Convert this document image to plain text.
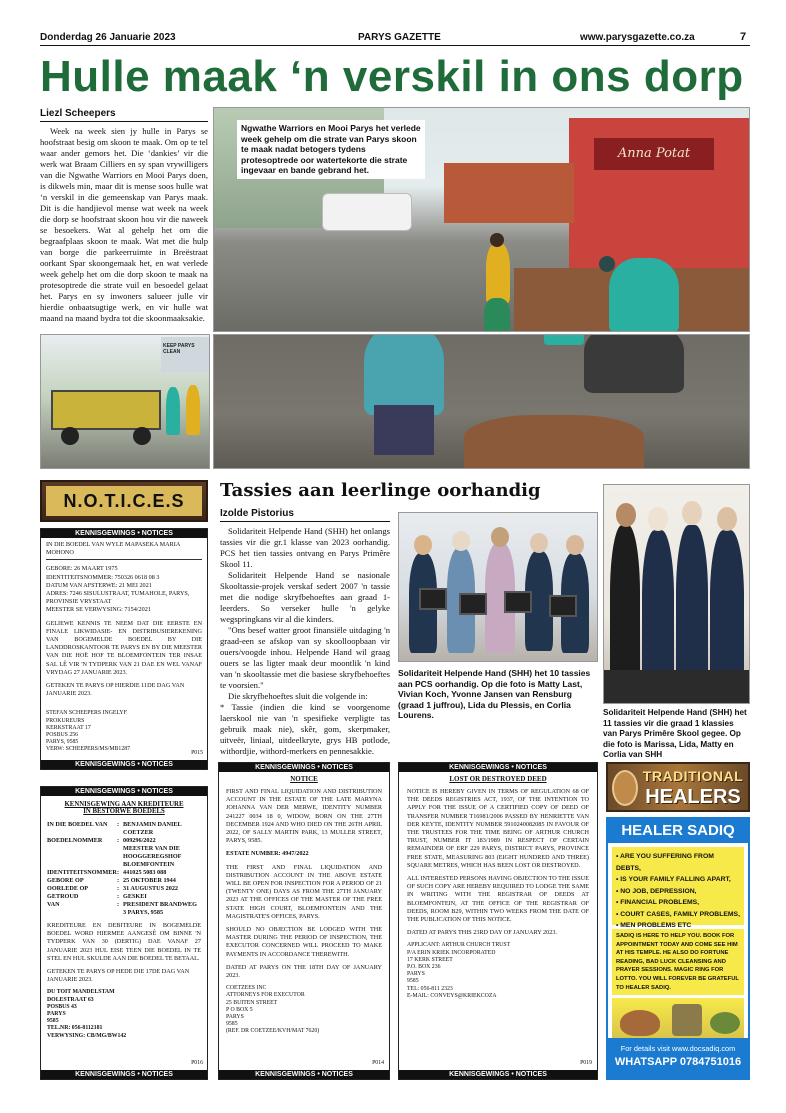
Donderdag 26 Januarie 2023	PARYS GAZETTE	www.parysgazette.co.za	7
Hulle maak ‘n verskil in ons dorp
Liezl Scheepers
Week na week sien jy hulle in Parys se hoofstraat besig om skoon te maak. Om op te tel waar ander gemors het. Die ‘dankies’ vir die werk wat Braam Cilliers en sy span vrywilligers van die Ngwathe Warriors en Mooi Parys doen, is dikwels min, maar dit is mense soos hulle wat ‘n verskil in die gemeenskap van Parys maak. Dit is die handjievol mense wat week na week die dorp se hoofstraat skoon hou vir die naweek se besoekers. Wat al gehelp het om die begraafplaas skoon te maak. Wat met die hulp van borge die parkeerruimte in Breëstraat oorkant Spar skoongemaak het, en wat verlede week gehelp het om die dorp skoon te maak na protesoptrede die strate vuil en besoedel gelaat het. Parys en sy inwoners salueer julle vir hierdie onbaatsugtige werk, en vir hulle wat maand na maand bydra tot die skoonmaaksakie.
Anna Potat
Ngwathe Warriors en Mooi Parys het verlede week gehelp om die strate van Parys skoon te maak nadat betogers tydens protesoptrede oor watertekorte die strate ingevaar en bande gebrand het.
KEEP PARYS CLEAN
N.O.T.I.C.E.S
KENNISGEWINGS • NOTICES

IN DIE BOEDEL VAN WYLE MAPASEKA MARIA MOHONO

GEBORE: 26 MAART 1975
IDENTITEITSNOMMER: 750326 0618 08 3
DATUM VAN AFSTERWE: 21 MEI 2021
ADRES: 7246 SISULUSTRAAT, TUMAHOLE, PARYS, PROVINSIE VRYSTAAT
MEESTER SE VERWYSING: 7154/2021

GELIEWE KENNIS TE NEEM DAT DIE EERSTE EN FINALE LIKWIDASIE- EN DISTRIBUSIEREKENING VAN BOGEMELDE BOEDEL BY DIE LANDDROSKANTOOR TE PARYS EN BY DIE MEESTER VAN DIE HOË HOF TE BLOEMFONTEIN TER INSAE SAL LÊ VIR 'N TYDPERK VAN 21 DAE EN WEL VANAF VRYDAG 27 JANUARIE 2023.

GETEKEN TE PARYS OP HIERDIE 11DE DAG VAN JANUARIE 2023.

STEFAN SCHEEPERS INGELYF
PROKUREURS
KERKSTRAAT 17
POSBUS 256
PARYS, 9585
VERW: SCHEEPERS/MS/MB1287

P015
KENNISGEWINGS • NOTICES
KENNISGEWINGS • NOTICES
KENNISGEWING AAN KREDITEURE IN BESTORWE BOEDELS
IN DIE BOEDEL VAN	: BENJAMIN DANIEL COETZER
BOEDELNOMMER	: 009296/2022
MEESTER VAN DIE HOOGGEREGSHOF BLOEMFONTEIN
IDENTITEITSNOMMER : 441025 5083 088
GEBORE OP	: 25 OKTOBER 1944
OORLEDE OP	: 31 AUGUSTUS 2022
GETROUD	: GESKEI
VAN	: PRESIDENT BRANDWEG 3 PARYS, 9585

KREDITEURE EN DEBITEURE IN BOGEMELDE BOEDEL WORD HIERMEE AANGESÊ OM BINNE 'N TYDPERK VAN 30 (DERTIG) DAE VANAF 27 JANUARIE 2023 HUL EISE TEEN DIE BOEDEL IN TE STEL EN HUL SKULDE AAN DIE BOEDEL TE BETAAL.

GETEKEN TE PARYS OP HEDE DIE 17DE DAG VAN JANUARIE 2023.

DU TOIT MANDELSTAM
DOLESTRAAT 63
POSBUS 43
PARYS
9585
TEL.NR: 056-8112181
VERWYSING: CB/MG/BW142

P016
KENNISGEWINGS • NOTICES
Tassies aan leerlinge oorhandig
Izolde Pistorius

Solidariteit Helpende Hand (SHH) het onlangs tassies vir die gr.1 klasse van 2023 oorhandig. PCS het tien tassies ontvang en Parys Primêre Skool 11.

Solidariteit Helpende Hand se nasionale Skooltassie-projek verskaf sedert 2007 'n tassie met die nodige skryfbehoeftes aan graad 1-leerders. So verseker hulle 'n gelyke wegspringkans vir al die kinders.

"Ons besef watter groot finansiële uitdaging 'n graad-een se afskop van sy skoolloopbaan vir ouers/voogde inhou. Helpende Hand wil graag ouers se las ligter maak deur moontlik 'n kind van 'n skooltassie met die basiese skryfbehoeftes te voorsien."

Die skryfbehoeftes sluit die volgende in:

* Tassie (indien die kind se voorgenome laerskool nie van 'n spesifieke verpligte tas gebruik maak nie), skêr, gom, skerpmaker, uitveër, liniaal, uitdeelkryte, grys HB potlode, withordjie, withord-merkers en pennesakkie.

Solidariteit Helpende Hand (SHH) het 10 tassies aan PCS oorhandig. Op die foto is Matty Last, Vivian Koch, Yvonne Jansen van Rensburg (graad 1 juffrou), Lida du Plessis, en Corlia Lourens.	Solidariteit Helpende Hand (SHH) het 11 tassies vir die graad 1 klassies van Parys Primêre Skool gegee. Op die foto is Marissa, Lida, Matty en Corlia van SHH
KENNISGEWINGS • NOTICES
NOTICE

FIRST AND FINAL LIQUIDATION AND DISTRIBUTION ACCOUNT IN THE ESTATE OF THE LATE MARYNA JOHANNA VAN DER MERWE, IDENTITY NUMBER 241227 0034 18 0, WIDOW, BORN ON THE 27TH DECEMBER 1924 AND WHO DIED ON THE 26TH APRIL 2022, OF SALLY MARTIN PARK, 13 MULLER STREET, PARYS, 9585.

ESTATE NUMBER: 4947/2022

THE FIRST AND FINAL LIQUIDATION AND DISTRIBUTION ACCOUNT IN THE ABOVE ESTATE WILL BE OPEN FOR INSPECTION FOR A PERIOD OF 21 (TWENTY ONE) DAYS AS FROM THE 27TH JANUARY 2023 AT THE OFFICES OF THE MASTER OF THE FREE STATE HIGH COURT, BLOEMFONTEIN AND THE MAGISTRATE'S OFFICES, PARYS.

SHOULD NO OBJECTION BE LODGED WITH THE MASTER DURING THE PERIOD OF INSPECTION, THE EXECUTOR CONCERNED WILL PROCEED TO MAKE PAYMENTS IN ACCORDANCE THEREWITH.

DATED AT PARYS ON THE 18TH DAY OF JANUARY 2023.

COETZEES INC
ATTORNEYS FOR EXECUTOR
25 BUITEN STREET
P O BOX 5
PARYS
9585
(REF. DR COETZEE/KVH/MAT 7620)

P014
KENNISGEWINGS • NOTICES
KENNISGEWINGS • NOTICES
LOST OR DESTROYED DEED

NOTICE IS HEREBY GIVEN IN TERMS OF REGULATION 68 OF THE DEEDS REGISTRIES ACT, 1937, OF THE INTENTION TO APPLY FOR THE ISSUE OF A CERTIFIED COPY OF DEED OF TRANSFER NUMBER T16981/2006 PASSED BY HENRIETTE VAN DER KEYTE, IDENTITY NUMBER 5910240082085 IN FAVOUR OF THE TRUSTEES FOR THE TIME BEING OF ARTHUR CHURCH TRUST, NUMBER IT 183/1989 IN RESPECT OF CERTAIN REMAINDER OF ERF 229 PARYS, DISTRICT PARYS, PROVINCE FREE STATE, MEASURING 803 (EIGHT HUNDRED AND THREE) SQUARE METRES, WHICH HAS BEEN LOST OR DESTROYED.

ALL INTERESTED PERSONS HAVING OBJECTION TO THE ISSUE OF SUCH COPY ARE HEREBY REQUIRED TO LODGE THE SAME IN WRITING WITH THE REGISTRAR OF DEEDS AT BLOEMFONTEIN, AT THE OFFICE OF THE REGISTRAR OF DEEDS, ROOM B29, WITHIN TWO WEEKS FROM THE DATE OF THE PUBLICATION OF THIS NOTICE.

DATED AT PARYS THIS 23RD DAY OF JANUARY 2023.

APPLICANT: ARTHUR CHURCH TRUST
P/A ERIN KRIEK INCORPORATED
17 KERK STREET
P.O. BOX 236
PARYS
9585
TEL: 056-811 2323
E-MAIL: CONVEYS@KRIEKCOZA

P019
KENNISGEWINGS • NOTICES
TRADITIONAL
HEALERS
HEALER SADIQ
• ARE YOU SUFFERING FROM DEBTS,
• IS YOUR FAMILY FALLING APART,
• NO JOB, DEPRESSION,
• FINANCIAL PROBLEMS,
• COURT CASES, FAMILY PROBLEMS,
• MEN PROBLEMS ETC
SADIQ IS HERE TO HELP YOU. BOOK FOR APPOINTMENT TODAY AND COME SEE HIM AT HIS TEMPLE. HE ALSO DO FORTUNE READING, BAD LUCK CLEANSING AND PRAYER SESSIONS. MAGIC RING FOR LOTTO. YOU WILL FOREVER BE GRATEFUL TO HEALER SADIQ.
For details visit www.docsadiq.com
WHATSAPP 0784751016
